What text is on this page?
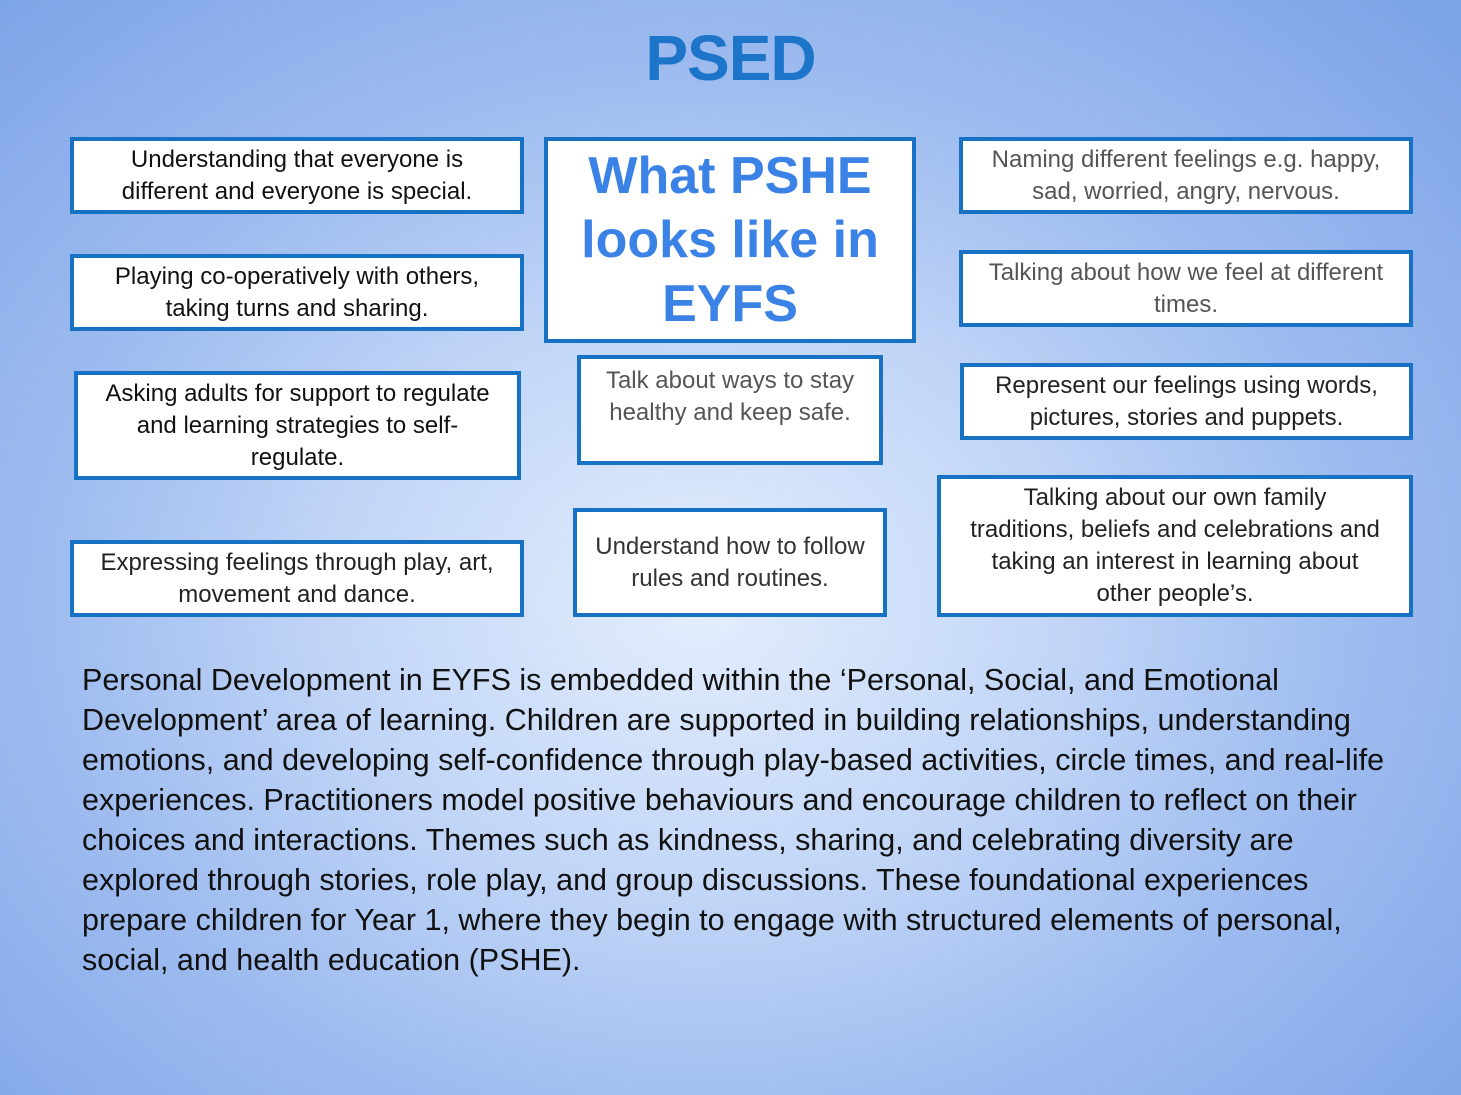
PSED
Understanding that everyone is different and everyone is special.
Playing co-operatively with others, taking turns and sharing.
Asking adults for support to regulate and learning strategies to self-regulate.
Expressing feelings through play, art, movement and dance.
What PSHE looks like in EYFS
Talk about ways to stay healthy and keep safe.
Understand how to follow rules and routines.
Naming different feelings e.g. happy, sad, worried, angry, nervous.
Talking about how we feel at different times.
Represent our feelings using words, pictures, stories and puppets.
Talking about our own family traditions, beliefs and celebrations and taking an interest in learning about other people’s.
Personal Development in EYFS is embedded within the ‘Personal, Social, and Emotional Development’ area of learning. Children are supported in building relationships, understanding emotions, and developing self-confidence through play-based activities, circle times, and real-life experiences. Practitioners model positive behaviours and encourage children to reflect on their choices and interactions. Themes such as kindness, sharing, and celebrating diversity are explored through stories, role play, and group discussions. These foundational experiences prepare children for Year 1, where they begin to engage with structured elements of personal, social, and health education (PSHE).
